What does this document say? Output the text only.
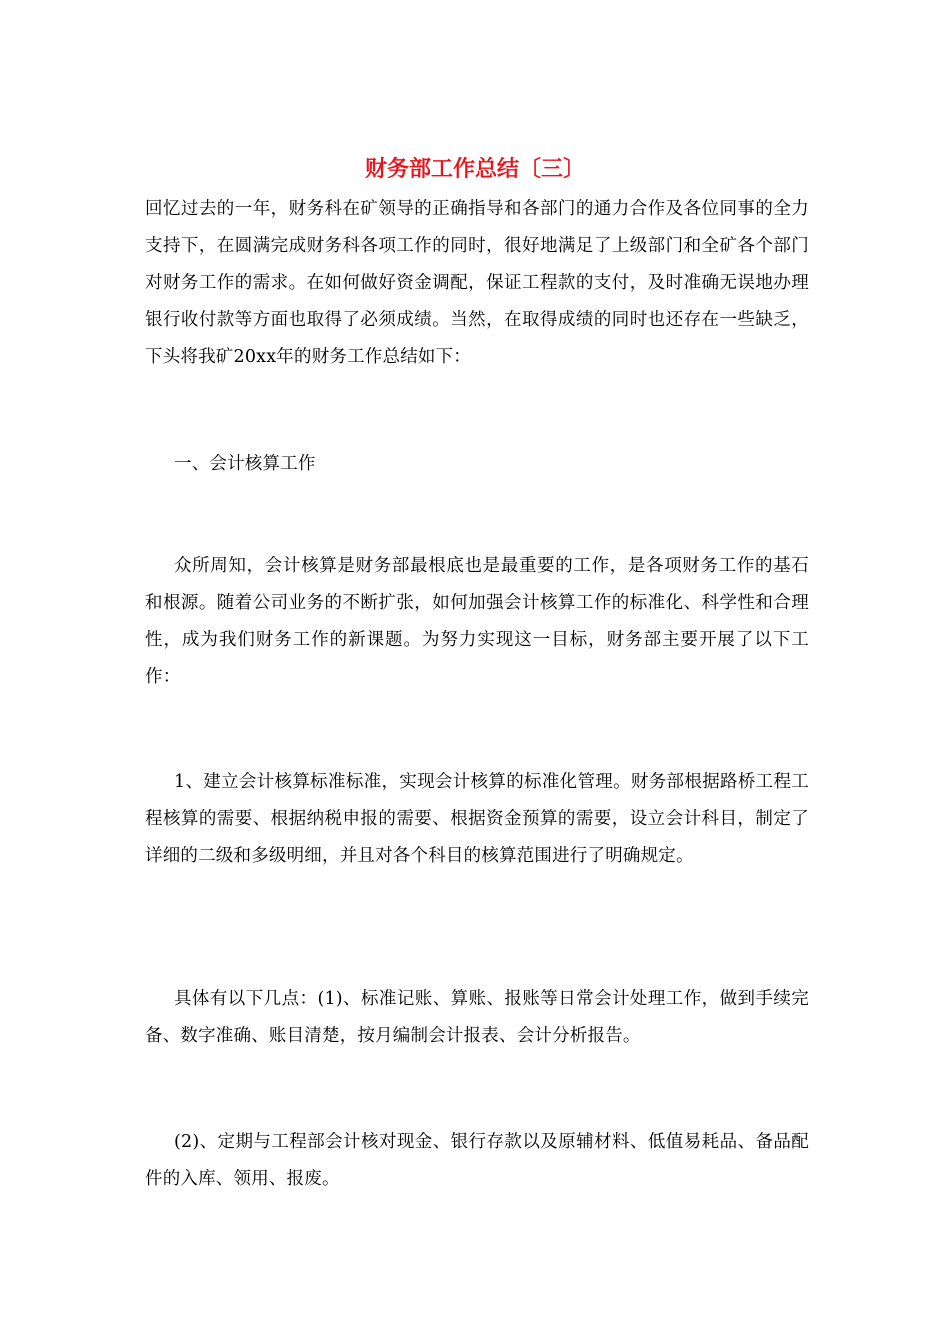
财务部工作总结〔三〕

回忆过去的一年，财务科在矿领导的正确指导和各部门的通力合作及各位同事的全力支持下，在圆满完成财务科各项工作的同时，很好地满足了上级部门和全矿各个部门对财务工作的需求。在如何做好资金调配，保证工程款的支付，及时准确无误地办理银行收付款等方面也取得了必须成绩。当然，在取得成绩的同时也还存在一些缺乏，下头将我矿20xx年的财务工作总结如下：

一、会计核算工作

众所周知，会计核算是财务部最根底也是最重要的工作，是各项财务工作的基石和根源。随着公司业务的不断扩张，如何加强会计核算工作的标准化、科学性和合理性，成为我们财务工作的新课题。为努力实现这一目标，财务部主要开展了以下工作：

1、建立会计核算标准标准，实现会计核算的标准化管理。财务部根据路桥工程工程核算的需要、根据纳税申报的需要、根据资金预算的需要，设立会计科目，制定了详细的二级和多级明细，并且对各个科目的核算范围进行了明确规定。

具体有以下几点：(1)、标准记账、算账、报账等日常会计处理工作，做到手续完备、数字准确、账目清楚，按月编制会计报表、会计分析报告。

(2)、定期与工程部会计核对现金、银行存款以及原辅材料、低值易耗品、备品配件的入库、领用、报废。
